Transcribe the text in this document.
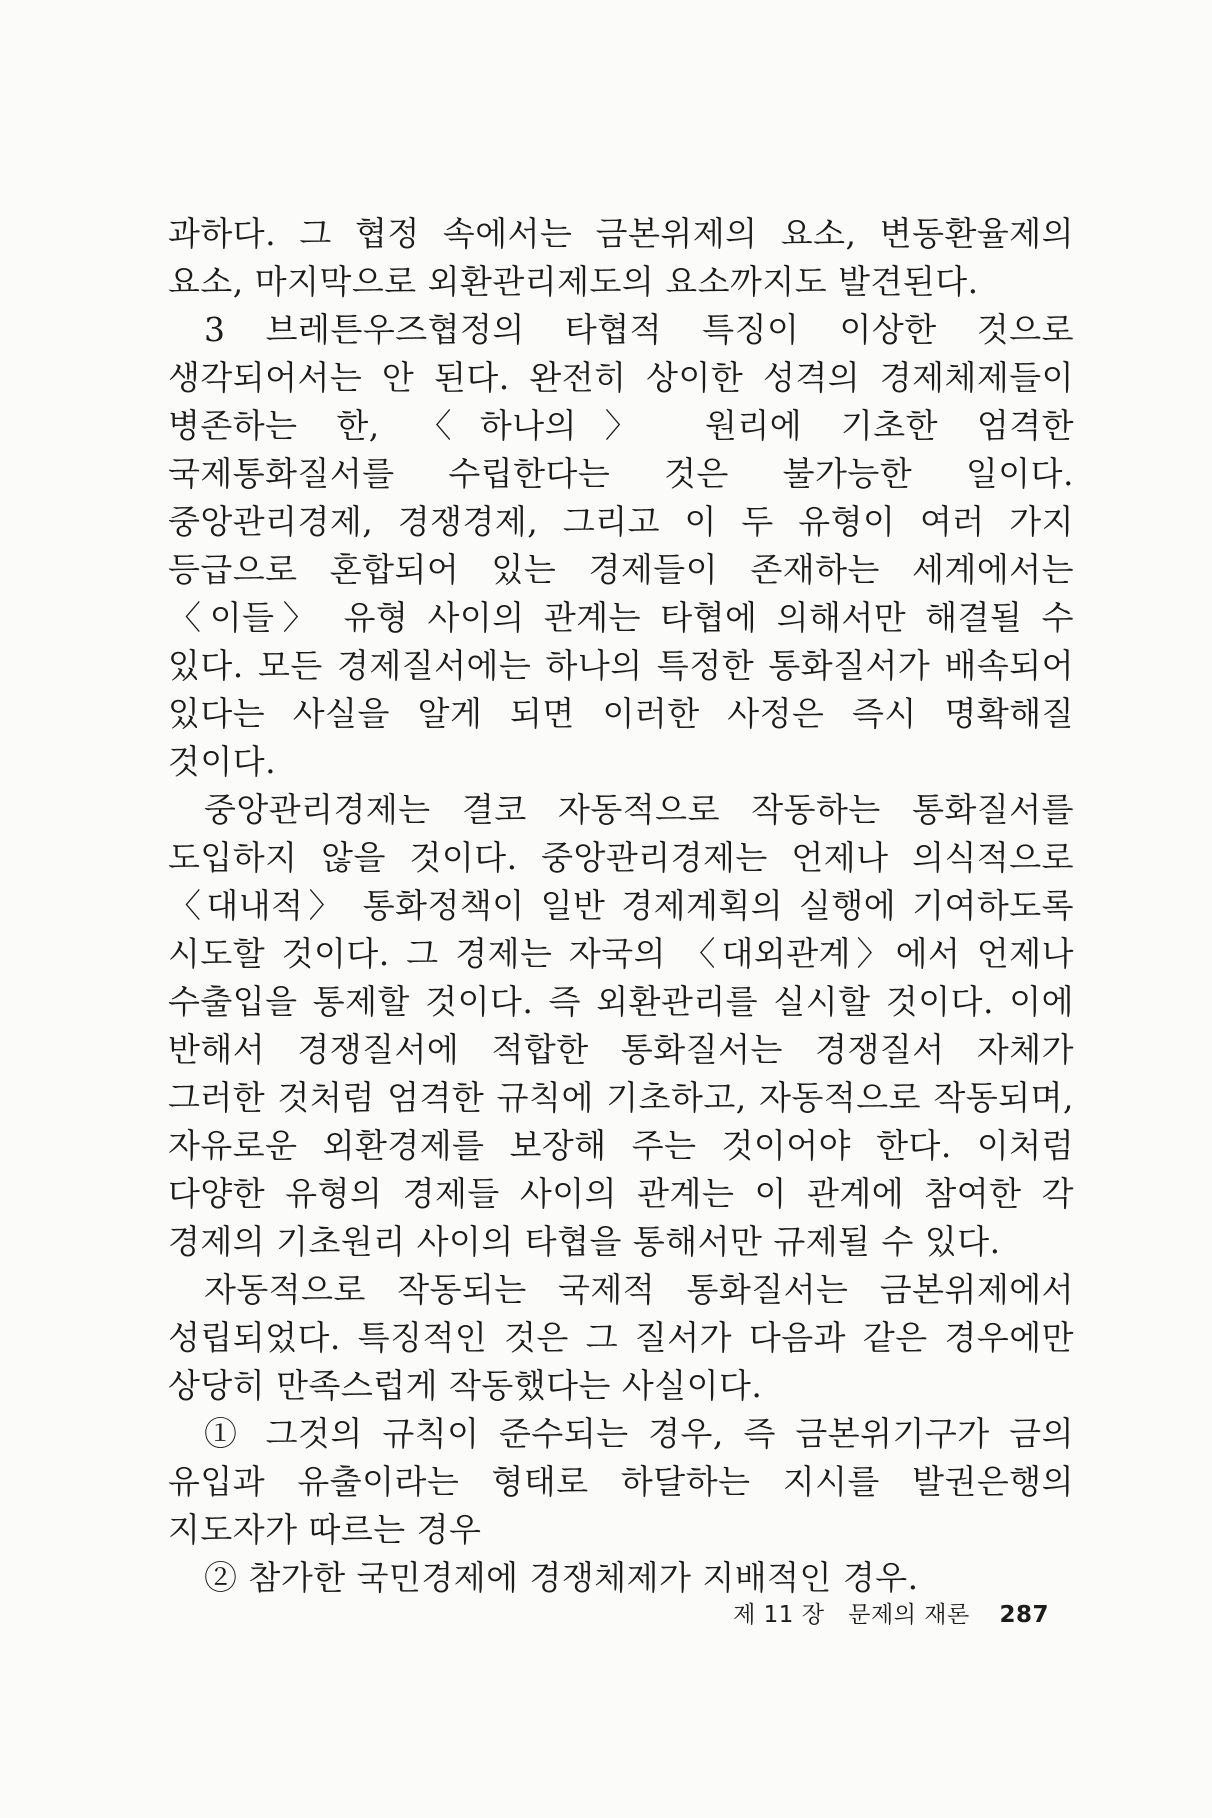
과하다. 그 협정 속에서는 금본위제의 요소, 변동환율제의 요소, 마지막으로 외환관리제도의 요소까지도 발견된다.

3 브레튼우즈협정의 타협적 특징이 이상한 것으로 생각되어서는 안 된다. 완전히 상이한 성격의 경제체제들이 병존하는 한, 〈하나의〉 원리에 기초한 엄격한 국제통화질서를 수립한다는 것은 불가능한 일이다. 중앙관리경제, 경쟁경제, 그리고 이 두 유형이 여러 가지 등급으로 혼합되어 있는 경제들이 존재하는 세계에서는 〈이들〉 유형 사이의 관계는 타협에 의해서만 해결될 수 있다. 모든 경제질서에는 하나의 특정한 통화질서가 배속되어 있다는 사실을 알게 되면 이러한 사정은 즉시 명확해질 것이다.

중앙관리경제는 결코 자동적으로 작동하는 통화질서를 도입하지 않을 것이다. 중앙관리경제는 언제나 의식적으로 〈대내적〉 통화정책이 일반 경제계획의 실행에 기여하도록 시도할 것이다. 그 경제는 자국의 〈대외관계〉에서 언제나 수출입을 통제할 것이다. 즉 외환관리를 실시할 것이다. 이에 반해서 경쟁질서에 적합한 통화질서는 경쟁질서 자체가 그러한 것처럼 엄격한 규칙에 기초하고, 자동적으로 작동되며, 자유로운 외환경제를 보장해 주는 것이어야 한다. 이처럼 다양한 유형의 경제들 사이의 관계는 이 관계에 참여한 각 경제의 기초원리 사이의 타협을 통해서만 규제될 수 있다.

자동적으로 작동되는 국제적 통화질서는 금본위제에서 성립되었다. 특징적인 것은 그 질서가 다음과 같은 경우에만 상당히 만족스럽게 작동했다는 사실이다.

① 그것의 규칙이 준수되는 경우, 즉 금본위기구가 금의 유입과 유출이라는 형태로 하달하는 지시를 발권은행의 지도자가 따르는 경우

② 참가한 국민경제에 경쟁체제가 지배적인 경우.

제 11 장 문제의 재론 287
